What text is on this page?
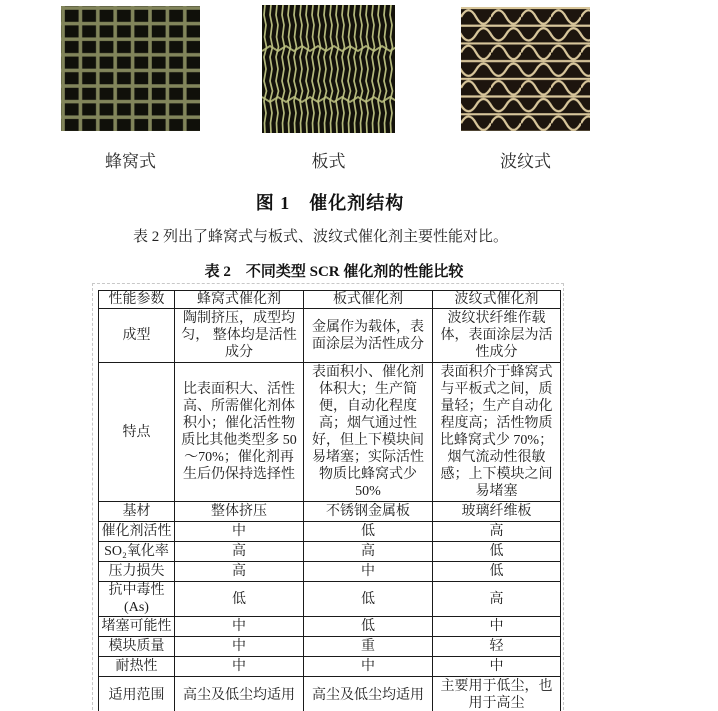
蜂窝式	板式	波纹式
图 1　催化剂结构

表 2 列出了蜂窝式与板式、波纹式催化剂主要性能对比。

表 2　不同类型 SCR 催化剂的性能比较
性能参数	蜂窝式催化剂	板式催化剂	波纹式催化剂
成型	陶制挤压，成型均匀， 整体均是活性成分	金属作为载体，表面涂层为活性成分	波纹状纤维作载体，表面涂层为活性成分
特点	比表面积大、活性高、所需催化剂体积小；催化活性物质比其他类型多 50～70%；催化剂再生后仍保持选择性	表面积小、催化剂体积大；生产简便，自动化程度高；烟气通过性好，但上下模块间易堵塞；实际活性物质比蜂窝式少 50%	表面积介于蜂窝式与平板式之间，质量轻；生产自动化程度高；活性物质比蜂窝式少 70%；烟气流动性很敏感；上下模块之间易堵塞
基材	整体挤压	不锈钢金属板	玻璃纤维板
催化剂活性	中	低	高
SO₂氧化率	高	高	低
压力损失	高	中	低
抗中毒性 (As)	低	低	高
堵塞可能性	中	低	中
模块质量	中	重	轻
耐热性	中	中	中
适用范围	高尘及低尘均适用	高尘及低尘均适用	主要用于低尘，也用于高尘
